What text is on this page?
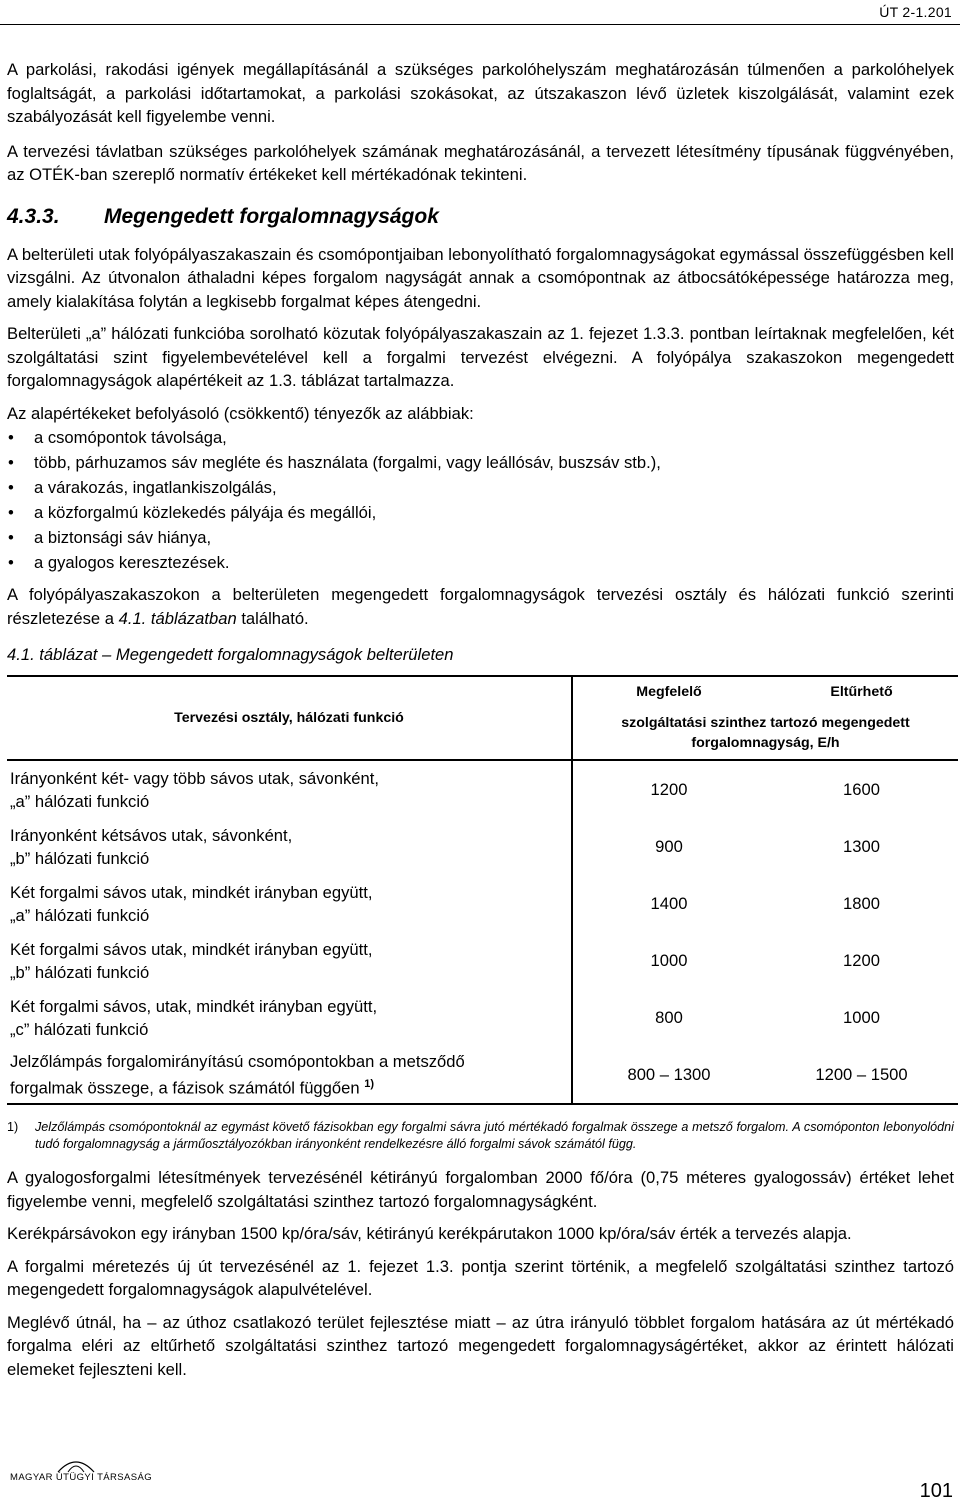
ÚT 2-1.201

A parkolási, rakodási igények megállapításánál a szükséges parkolóhelyszám meghatározásán túlmenően a parkolóhelyek foglaltságát, a parkolási időtartamokat, a parkolási szokásokat, az útszakaszon lévő üzletek kiszolgálását, valamint ezek szabályozását kell figyelembe venni.

A tervezési távlatban szükséges parkolóhelyek számának meghatározásánál, a tervezett létesítmény típusának függvényében, az OTÉK-ban szereplő normatív értékeket kell mértékadónak tekinteni.

4.3.3. Megengedett forgalomnagyságok

A belterületi utak folyópályaszakaszain és csomópontjaiban lebonyolítható forgalomnagyságokat egymással összefüggésben kell vizsgálni. Az útvonalon áthaladni képes forgalom nagyságát annak a csomópontnak az átbocsátóképessége határozza meg, amely kialakítása folytán a legkisebb forgalmat képes átengedni.

Belterületi „a” hálózati funkcióba sorolható közutak folyópályaszakaszain az 1. fejezet 1.3.3. pontban leírtaknak megfelelően, két szolgáltatási szint figyelembevételével kell a forgalmi tervezést elvégezni. A folyópálya szakaszokon megengedett forgalomnagyságok alapértékeit az 1.3. táblázat tartalmazza.

Az alapértékeket befolyásoló (csökkentő) tényezők az alábbiak:

• a csomópontok távolsága,
• több, párhuzamos sáv megléte és használata (forgalmi, vagy leállósáv, buszsáv stb.),
• a várakozás, ingatlankiszolgálás,
• a közforgalmú közlekedés pályája és megállói,
• a biztonsági sáv hiánya,
• a gyalogos keresztezések.

A folyópályaszakaszokon a belterületen megengedett forgalomnagyságok tervezési osztály és hálózati funkció szerinti részletezése a 4.1. táblázatban található.

4.1. táblázat – Megengedett forgalomnagyságok belterületen
Tervezési osztály, hálózati funkció	Megfelelő	Eltűrhető
	szolgáltatási szinthez tartozó megengedett forgalomnagyság, E/h	

Irányonként két- vagy több sávos utak, sávonként,
„a” hálózati funkció	1200	1600

Irányonként kétsávos utak, sávonként,
„b” hálózati funkció	900	1300

Két forgalmi sávos utak, mindkét irányban együtt,
„a” hálózati funkció	1400	1800

Két forgalmi sávos utak, mindkét irányban együtt,
„b” hálózati funkció	1000	1200

Két forgalmi sávos, utak, mindkét irányban együtt,
„c” hálózati funkció	800	1000

Jelzőlámpás forgalomirányítású csomópontokban a metsződő
forgalmak összege, a fázisok számától függően $^{1)}$	800 – 1300	1200 – 1500
1)	Jelzőlámpás csomópontoknál az egymást követő fázisokban egy forgalmi sávra jutó mértékadó forgalmak összege a metsző forgalom. A csomóponton lebonyolódni tudó forgalomnagyság a járműosztályozókban irányonként rendelkezésre álló forgalmi sávok számától függ.

A gyalogosforgalmi létesítmények tervezésénél kétirányú forgalomban 2000 fő/óra (0,75 méteres gyalogossáv) értéket lehet figyelembe venni, megfelelő szolgáltatási szinthez tartozó forgalomnagyságként.

Kerékpársávokon egy irányban 1500 kp/óra/sáv, kétirányú kerékpárutakon 1000 kp/óra/sáv érték a tervezés alapja.

A forgalmi méretezés új út tervezésénél az 1. fejezet 1.3. pontja szerint történik, a megfelelő szolgáltatási szinthez tartozó megengedett forgalomnagyságok alapulvételével.

Meglévő útnál, ha – az úthoz csatlakozó terület fejlesztése miatt – az útra irányuló többlet forgalom hatására az út mértékadó forgalma eléri az eltűrhető szolgáltatási szinthez tartozó megengedett forgalomnagyságértéket, akkor az érintett hálózati elemeket fejleszteni kell.

MAGYAR ÚTÜGYI TÁRSASÁG
101
